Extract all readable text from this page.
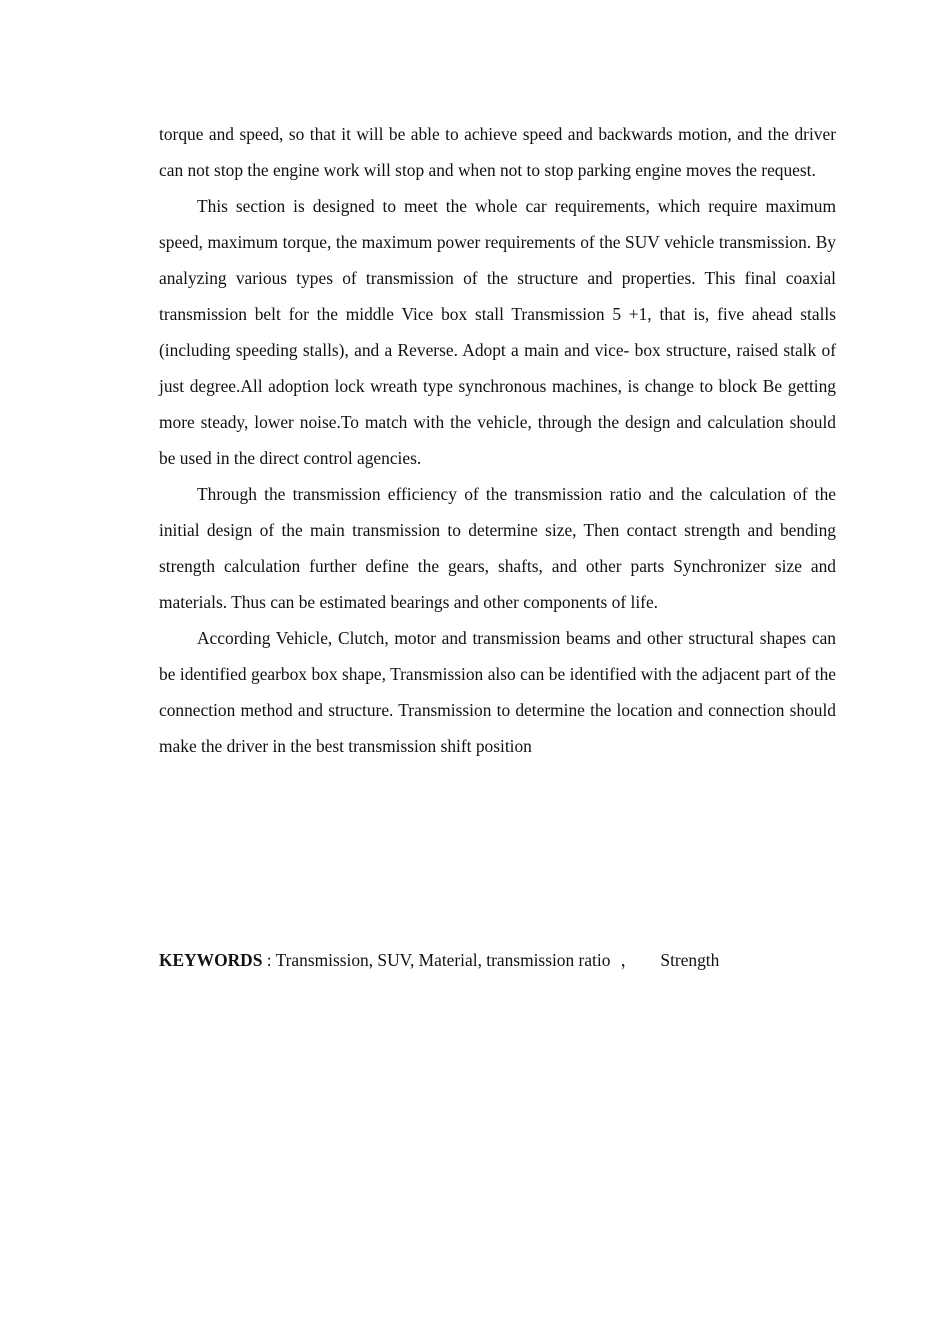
torque and speed, so that it will be able to achieve speed and backwards motion, and the driver can not stop the engine work will stop and when not to stop parking engine moves the request.

This section is designed to meet the whole car requirements, which require maximum speed, maximum torque, the maximum power requirements of the SUV vehicle transmission. By analyzing various types of transmission of the structure and properties. This final coaxial transmission belt for the middle Vice box stall Transmission 5 +1, that is, five ahead stalls (including speeding stalls), and a Reverse. Adopt a main and vice- box structure, raised stalk of just degree.All adoption lock wreath type synchronous machines, is change to block Be getting more steady, lower noise.To match with the vehicle, through the design and calculation should be used in the direct control agencies.

Through the transmission efficiency of the transmission ratio and the calculation of the initial design of the main transmission to determine size, Then contact strength and bending strength calculation further define the gears, shafts, and other parts Synchronizer size and materials. Thus can be estimated bearings and other components of life.

According Vehicle, Clutch, motor and transmission beams and other structural shapes can be identified gearbox box shape, Transmission also can be identified with the adjacent part of the connection method and structure. Transmission to determine the location and connection should make the driver in the best transmission shift position

KEYWORDS : Transmission, SUV, Material, transmission ratio ， Strength
